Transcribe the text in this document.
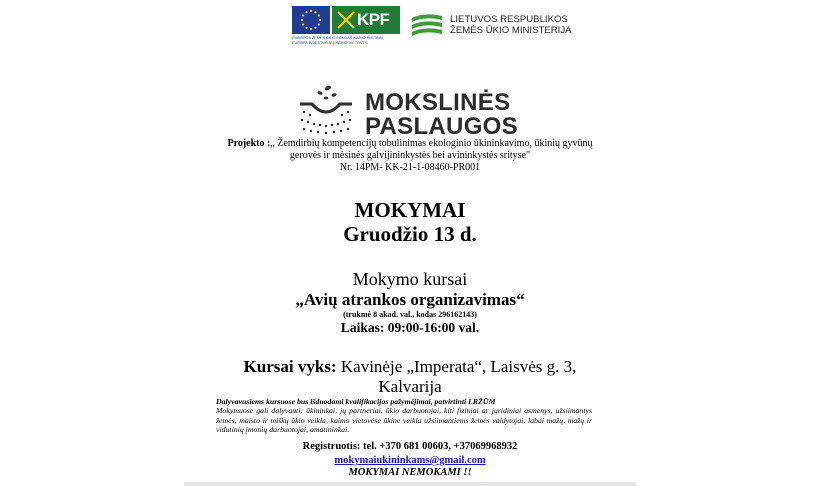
KPF
EUROPOS ŽEMĖS ŪKIO FONDAS KAIMO PLĖTRAI
EUROPA INVESTUOJA Į KAIMO VIETOVES
LIETUVOS RESPUBLIKOS
ŽEMĖS ŪKIO MINISTERIJA
MOKSLINĖS
PASLAUGOS
Projekto :„ Žemdirbių kompetencijų tobulinimas ekologinio ūkininkavimo, ūkinių gyvūnų
gerovės ir mėsinės galvijininkystės bei avininkystės srityse"
Nr. 14PM- KK-21-1-08460-PR001
MOKYMAI
Gruodžio 13 d.
Mokymo kursai
„Avių atrankos organizavimas“
(trukmė 8 akad. val., kodas 296162143)
Laikas: 09:00-16:00 val.
Kursai vyks: Kavinėje „Imperata“, Laisvės g. 3,
Kalvarija
Dalyvavusiems kursuose bus išduodami kvalifikacijos pažymėjimai, patvirtinti LRŽŪM
Mokymuose gali dalyvauti: ūkininkai, jų partneriai, ūkio darbuotojai, kiti fiziniai ar juridiniai asmenys, užsiimantys žemės, maisto ir miškų ūkio veikla, kaimo vietovėse ūkine veikla užsiimantiems žemės valdytojai, labai mažų, mažų ir vidutinių įmonių darbuotojai, amatininkai.
Registruotis: tel. +370 681 00603, +37069968932
mokymaiukininkams@gmail.com
MOKYMAI NEMOKAMI !!
